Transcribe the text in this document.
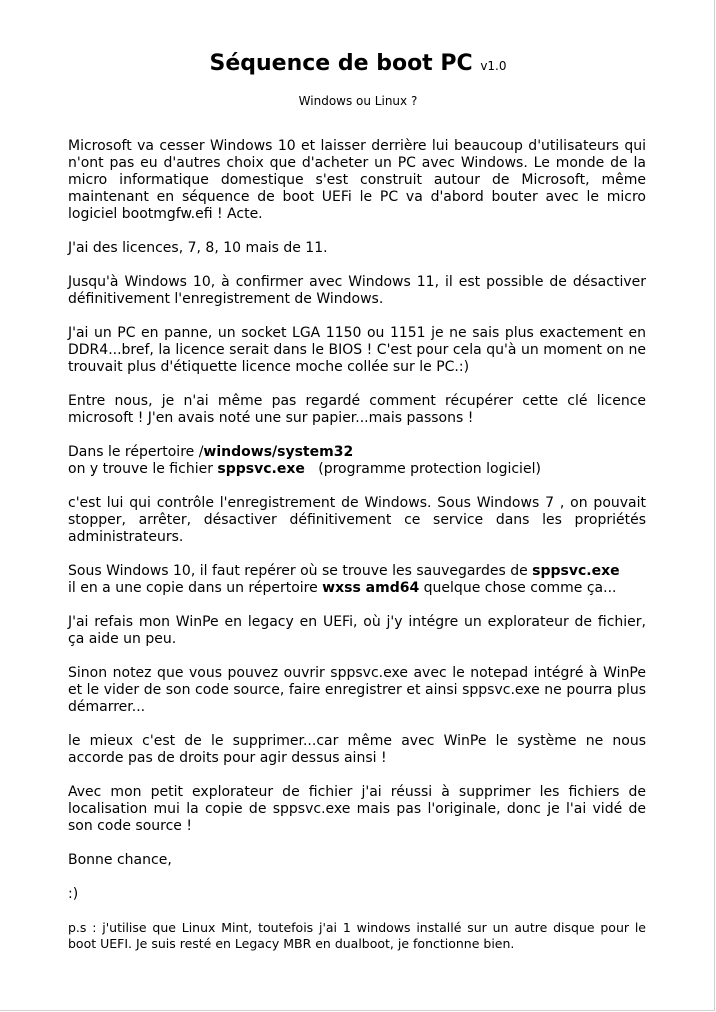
Séquence de boot PC v1.0
Windows ou Linux ?

Microsoft va cesser Windows 10 et laisser derrière lui beaucoup d'utilisateurs qui n'ont pas eu d'autres choix que d'acheter un PC avec Windows. Le monde de la micro informatique domestique s'est construit autour de Microsoft, même maintenant en séquence de boot UEFi le PC va d'abord bouter avec le micro logiciel bootmgfw.efi ! Acte.

J'ai des licences, 7, 8, 10 mais de 11.

Jusqu'à Windows 10, à confirmer avec Windows 11, il est possible de désactiver définitivement l'enregistrement de Windows.

J'ai un PC en panne, un socket LGA 1150 ou 1151 je ne sais plus exactement en DDR4...bref, la licence serait dans le BIOS ! C'est pour cela qu'à un moment on ne trouvait plus d'étiquette licence moche collée sur le PC.:)

Entre nous, je n'ai même pas regardé comment récupérer cette clé licence microsoft ! J'en avais noté une sur papier...mais passons !

Dans le répertoire /windows/system32
on y trouve le fichier sppsvc.exe   (programme protection logiciel)

c'est lui qui contrôle l'enregistrement de Windows. Sous Windows 7 , on pouvait stopper, arrêter, désactiver définitivement ce service dans les propriétés administrateurs.

Sous Windows 10, il faut repérer où se trouve les sauvegardes de sppsvc.exe
il en a une copie dans un répertoire wxss amd64 quelque chose comme ça...

J'ai refais mon WinPe en legacy en UEFi, où j'y intégre un explorateur de fichier, ça aide un peu.

Sinon notez que vous pouvez ouvrir sppsvc.exe avec le notepad intégré à WinPe et le vider de son code source, faire enregistrer et ainsi sppsvc.exe ne pourra plus démarrer...

le mieux c'est de le supprimer...car même avec WinPe le système ne nous accorde pas de droits pour agir dessus ainsi !

Avec mon petit explorateur de fichier j'ai réussi à supprimer les fichiers de localisation mui la copie de sppsvc.exe mais pas l'originale, donc je l'ai vidé de son code source !

Bonne chance,

:)

p.s : j'utilise que Linux Mint, toutefois j'ai 1 windows installé sur un autre disque pour le boot UEFI. Je suis resté en Legacy MBR en dualboot, je fonctionne bien.
